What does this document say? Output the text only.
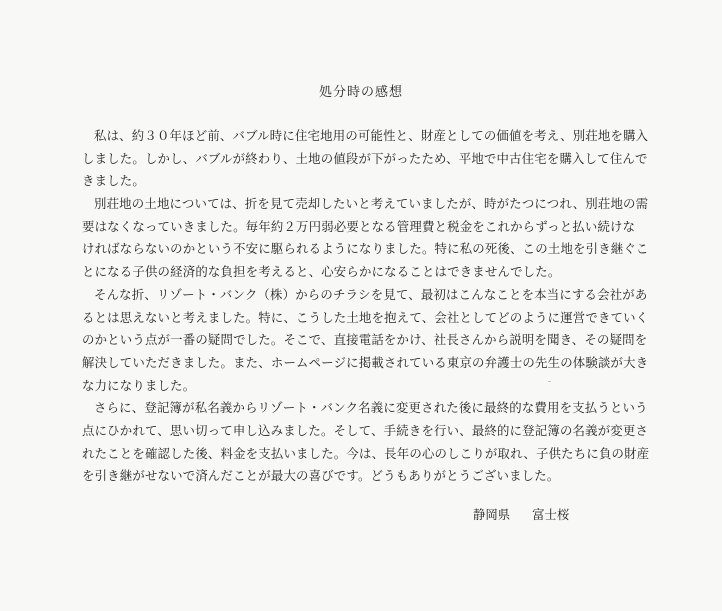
処分時の感想
私は、約３０年ほど前、バブル時に住宅地用の可能性と、財産としての価値を考え、別荘地を購入
しました。しかし、バブルが終わり、土地の値段が下がったため、平地で中古住宅を購入して住んで
きました。
別荘地の土地については、折を見て売却したいと考えていましたが、時がたつにつれ、別荘地の需
要はなくなっていきました。毎年約２万円弱必要となる管理費と税金をこれからずっと払い続けな
ければならないのかという不安に駆られるようになりました。特に私の死後、この土地を引き継ぐこ
とになる子供の経済的な負担を考えると、心安らかになることはできませんでした。
そんな折、リゾート・バンク（株）からのチラシを見て、最初はこんなことを本当にする会社があ
るとは思えないと考えました。特に、こうした土地を抱えて、会社としてどのように運営できていく
のかという点が一番の疑問でした。そこで、直接電話をかけ、社長さんから説明を聞き、その疑問を
解決していただきました。また、ホームページに掲載されている東京の弁護士の先生の体験談が大き
な力になりました。
さらに、登記簿が私名義からリゾート・バンク名義に変更された後に最終的な費用を支払うという
点にひかれて、思い切って申し込みました。そして、手続きを行い、最終的に登記簿の名義が変更さ
れたことを確認した後、料金を支払いました。今は、長年の心のしこりが取れ、子供たちに負の財産
を引き継がせないで済んだことが最大の喜びです。どうもありがとうございました。
静岡県 富士桜
